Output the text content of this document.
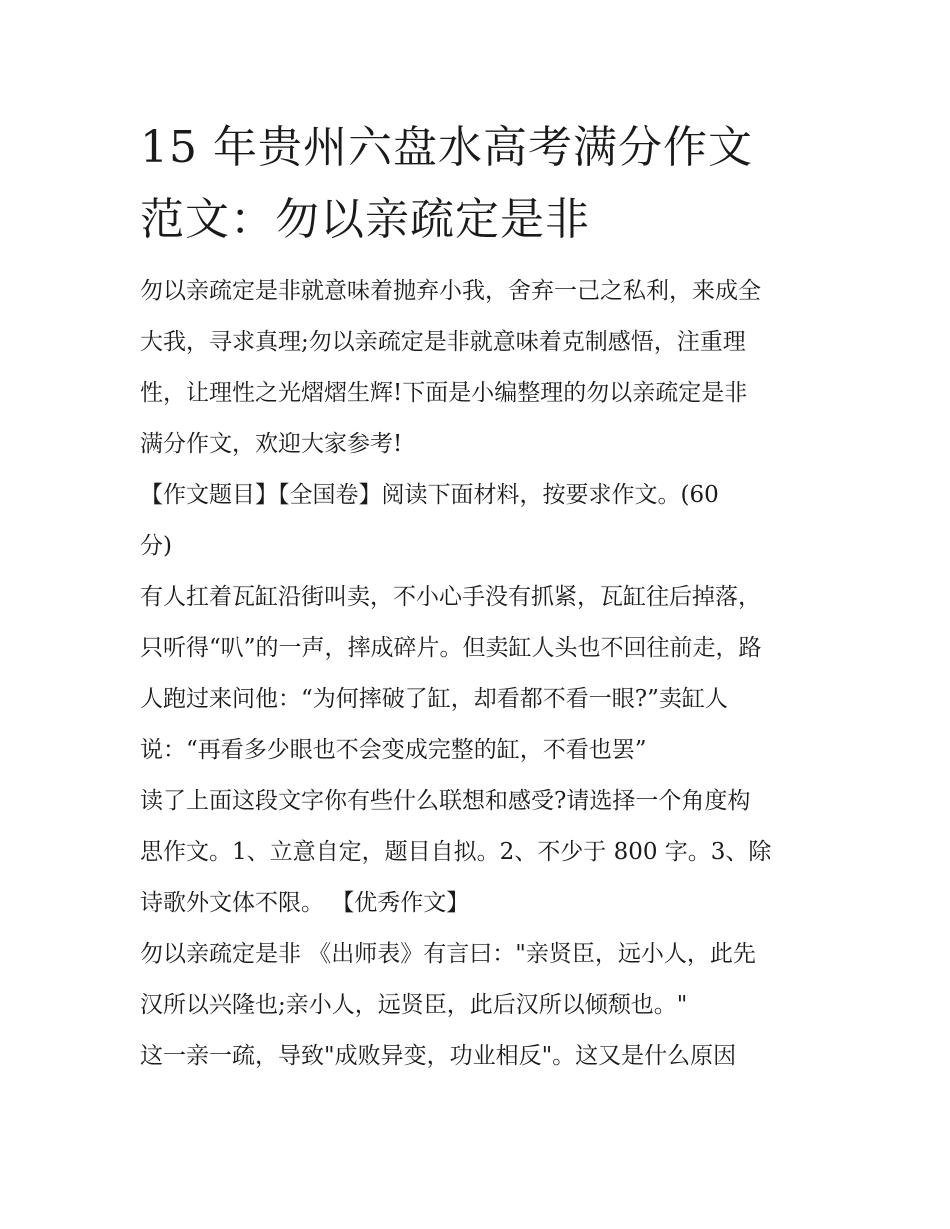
15 年贵州六盘水高考满分作文
范文：勿以亲疏定是非
勿以亲疏定是非就意味着抛弃小我，舍弃一己之私利，来成全
大我，寻求真理;勿以亲疏定是非就意味着克制感悟，注重理
性，让理性之光熠熠生辉!下面是小编整理的勿以亲疏定是非
满分作文，欢迎大家参考!
【作文题目】【全国卷】阅读下面材料，按要求作文。(60
分)
有人扛着瓦缸沿街叫卖，不小心手没有抓紧，瓦缸往后掉落，
只听得“叭”的一声，摔成碎片。但卖缸人头也不回往前走，路
人跑过来问他：“为何摔破了缸，却看都不看一眼?”卖缸人
说：“再看多少眼也不会变成完整的缸，不看也罢”
读了上面这段文字你有些什么联想和感受?请选择一个角度构
思作文。1、立意自定，题目自拟。2、不少于 800 字。3、除
诗歌外文体不限。 【优秀作文】
勿以亲疏定是非 《出师表》有言曰："亲贤臣，远小人，此先
汉所以兴隆也;亲小人，远贤臣，此后汉所以倾颓也。"
这一亲一疏，导致"成败异变，功业相反"。这又是什么原因
